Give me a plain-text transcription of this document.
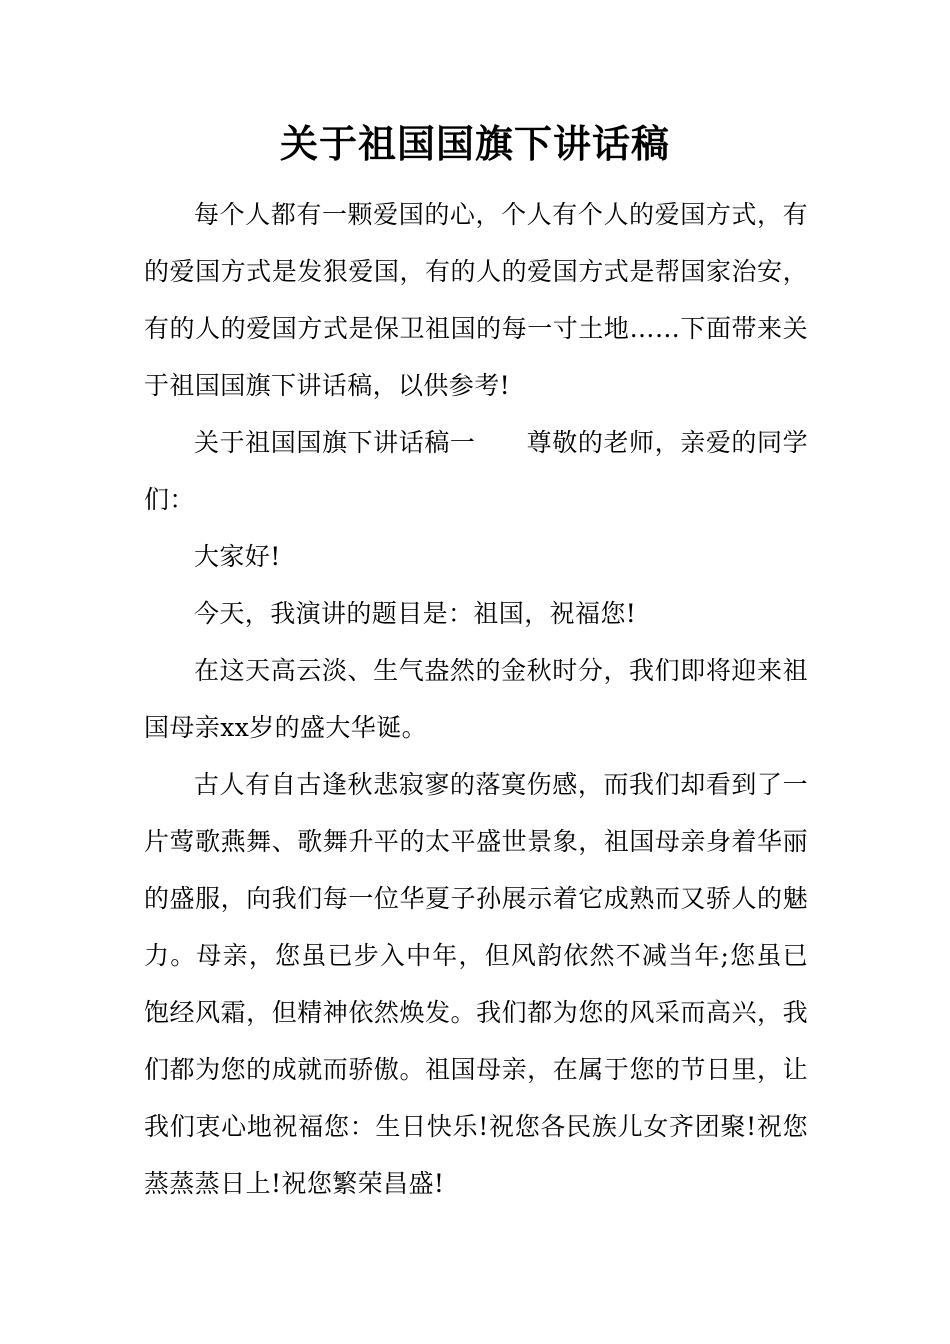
关于祖国国旗下讲话稿

每个人都有一颗爱国的心，个人有个人的爱国方式，有的爱国方式是发狠爱国，有的人的爱国方式是帮国家治安，有的人的爱国方式是保卫祖国的每一寸土地……下面带来关于祖国国旗下讲话稿，以供参考!

关于祖国国旗下讲话稿一　　尊敬的老师，亲爱的同学们：

大家好!

今天，我演讲的题目是：祖国，祝福您!

在这天高云淡、生气盎然的金秋时分，我们即将迎来祖国母亲xx岁的盛大华诞。

古人有自古逢秋悲寂寥的落寞伤感，而我们却看到了一片莺歌燕舞、歌舞升平的太平盛世景象，祖国母亲身着华丽的盛服，向我们每一位华夏子孙展示着它成熟而又骄人的魅力。母亲，您虽已步入中年，但风韵依然不减当年;您虽已饱经风霜，但精神依然焕发。我们都为您的风采而高兴，我们都为您的成就而骄傲。祖国母亲，在属于您的节日里，让我们衷心地祝福您：生日快乐!祝您各民族儿女齐团聚!祝您蒸蒸蒸日上!祝您繁荣昌盛!
